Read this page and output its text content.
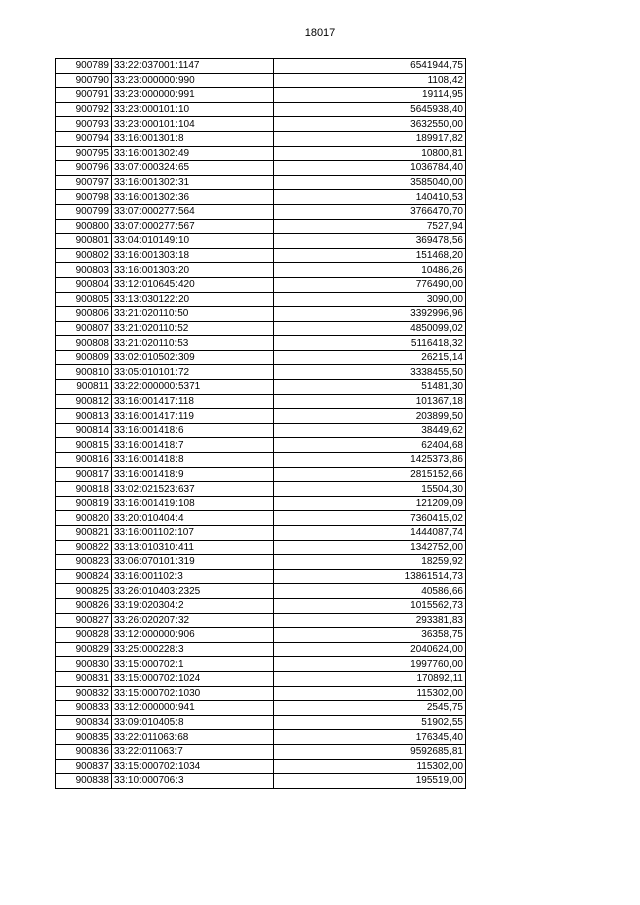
18017
900789	33:22:037001:1147	6541944,75
900790	33:23:000000:990	1108,42
900791	33:23:000000:991	19114,95
900792	33:23:000101:10	5645938,40
900793	33:23:000101:104	3632550,00
900794	33:16:001301:8	189917,82
900795	33:16:001302:49	10800,81
900796	33:07:000324:65	1036784,40
900797	33:16:001302:31	3585040,00
900798	33:16:001302:36	140410,53
900799	33:07:000277:564	3766470,70
900800	33:07:000277:567	7527,94
900801	33:04:010149:10	369478,56
900802	33:16:001303:18	151468,20
900803	33:16:001303:20	10486,26
900804	33:12:010645:420	776490,00
900805	33:13:030122:20	3090,00
900806	33:21:020110:50	3392996,96
900807	33:21:020110:52	4850099,02
900808	33:21:020110:53	5116418,32
900809	33:02:010502:309	26215,14
900810	33:05:010101:72	3338455,50
900811	33:22:000000:5371	51481,30
900812	33:16:001417:118	101367,18
900813	33:16:001417:119	203899,50
900814	33:16:001418:6	38449,62
900815	33:16:001418:7	62404,68
900816	33:16:001418:8	1425373,86
900817	33:16:001418:9	2815152,66
900818	33:02:021523:637	15504,30
900819	33:16:001419:108	121209,09
900820	33:20:010404:4	7360415,02
900821	33:16:001102:107	1444087,74
900822	33:13:010310:411	1342752,00
900823	33:06:070101:319	18259,92
900824	33:16:001102:3	13861514,73
900825	33:26:010403:2325	40586,66
900826	33:19:020304:2	1015562,73
900827	33:26:020207:32	293381,83
900828	33:12:000000:906	36358,75
900829	33:25:000228:3	2040624,00
900830	33:15:000702:1	1997760,00
900831	33:15:000702:1024	170892,11
900832	33:15:000702:1030	115302,00
900833	33:12:000000:941	2545,75
900834	33:09:010405:8	51902,55
900835	33:22:011063:68	176345,40
900836	33:22:011063:7	9592685,81
900837	33:15:000702:1034	115302,00
900838	33:10:000706:3	195519,00
